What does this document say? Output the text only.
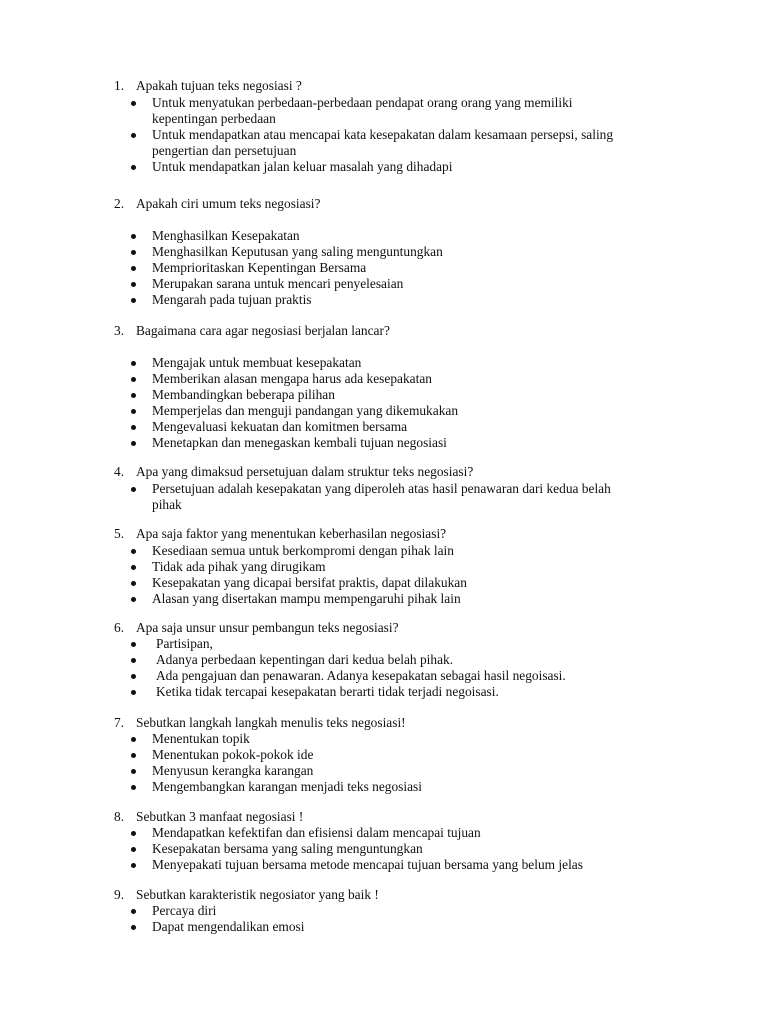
1. Apakah tujuan teks negosiasi ?
Untuk menyatukan perbedaan-perbedaan pendapat orang orang yang memiliki
kepentingan perbedaan
Untuk mendapatkan atau mencapai kata kesepakatan dalam kesamaan persepsi, saling
pengertian dan persetujuan
Untuk mendapatkan jalan keluar masalah yang dihadapi
2. Apakah ciri umum teks negosiasi?
Menghasilkan Kesepakatan
Menghasilkan Keputusan yang saling menguntungkan
Memprioritaskan Kepentingan Bersama
Merupakan sarana untuk mencari penyelesaian
Mengarah pada tujuan praktis
3. Bagaimana cara agar negosiasi berjalan lancar?
Mengajak untuk membuat kesepakatan
Memberikan alasan mengapa harus ada kesepakatan
Membandingkan beberapa pilihan
Memperjelas dan menguji pandangan yang dikemukakan
Mengevaluasi kekuatan dan komitmen bersama
Menetapkan dan menegaskan kembali tujuan negosiasi
4. Apa yang dimaksud persetujuan dalam struktur teks negosiasi?
Persetujuan adalah kesepakatan yang diperoleh atas hasil penawaran dari kedua belah
pihak
5. Apa saja faktor yang menentukan keberhasilan negosiasi?
Kesediaan semua untuk berkompromi dengan pihak lain
Tidak ada pihak yang dirugikam
Kesepakatan yang dicapai bersifat praktis, dapat dilakukan
Alasan yang disertakan mampu mempengaruhi pihak lain
6. Apa saja unsur unsur pembangun teks negosiasi?
Partisipan,
Adanya perbedaan kepentingan dari kedua belah pihak.
Ada pengajuan dan penawaran. Adanya kesepakatan sebagai hasil negoisasi.
Ketika tidak tercapai kesepakatan berarti tidak terjadi negoisasi.
7. Sebutkan langkah langkah menulis teks negosiasi!
Menentukan topik
Menentukan pokok-pokok ide
Menyusun kerangka karangan
Mengembangkan karangan menjadi teks negosiasi
8. Sebutkan 3 manfaat negosiasi !
Mendapatkan kefektifan dan efisiensi dalam mencapai tujuan
Kesepakatan bersama yang saling menguntungkan
Menyepakati tujuan bersama metode mencapai tujuan bersama yang belum jelas
9. Sebutkan karakteristik negosiator yang baik !
Percaya diri
Dapat mengendalikan emosi
